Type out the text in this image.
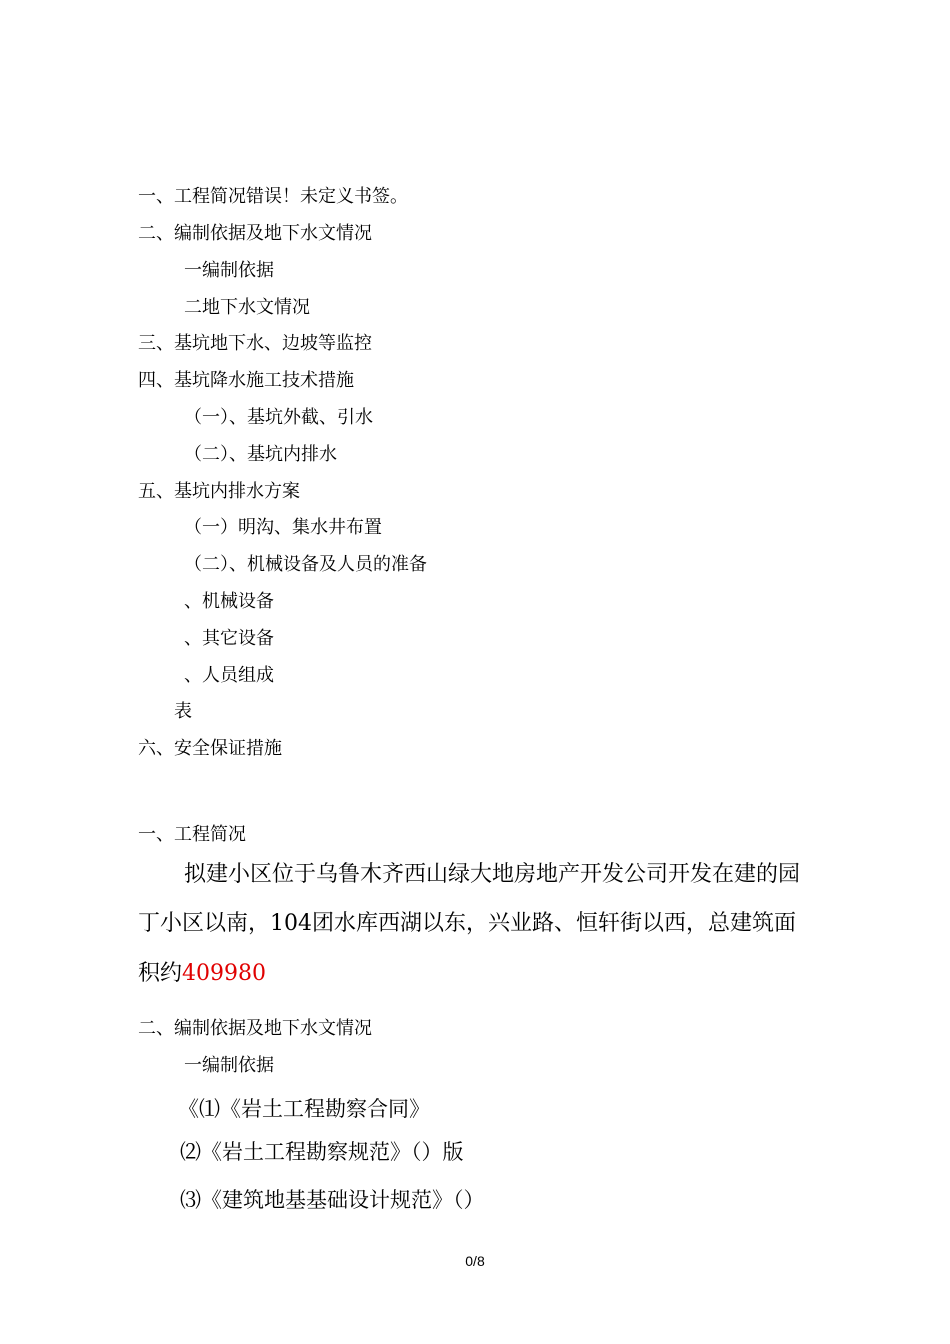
一、工程简况错误！未定义书签。
二、编制依据及地下水文情况
一编制依据
二地下水文情况
三、基坑地下水、边坡等监控
四、基坑降水施工技术措施
（一）、基坑外截、引水
（二）、基坑内排水
五、基坑内排水方案
（一）明沟、集水井布置
（二）、机械设备及人员的准备
、机械设备
、其它设备
、人员组成
表
六、安全保证措施
一、工程简况
拟建小区位于乌鲁木齐西山绿大地房地产开发公司开发在建的园
丁小区以南，104团水库西湖以东，兴业路、恒轩街以西，总建筑面
积约409980
二、编制依据及地下水文情况
一编制依据
《⑴《岩土工程勘察合同》
⑵《岩土工程勘察规范》（）版
⑶《建筑地基基础设计规范》（）
0/8
